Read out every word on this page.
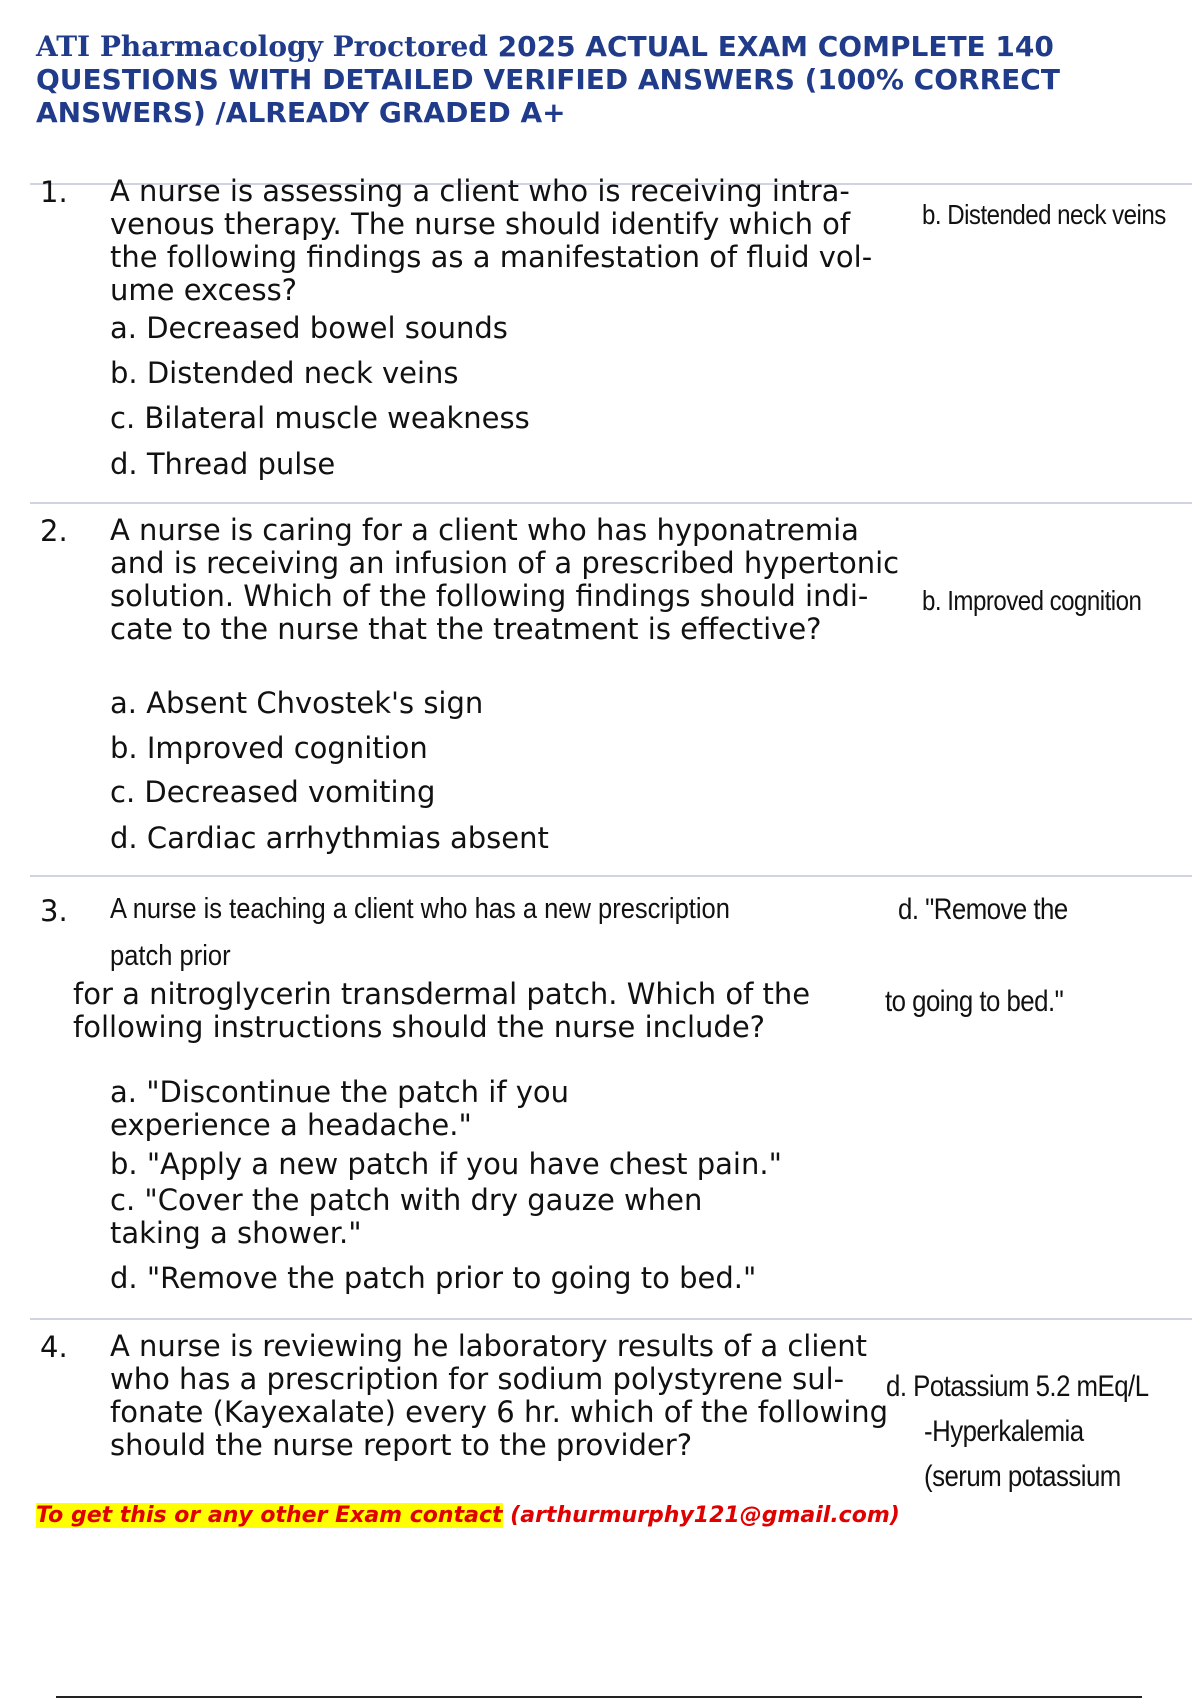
ATI Pharmacology Proctored 2025 ACTUAL EXAM COMPLETE 140 QUESTIONS WITH DETAILED VERIFIED ANSWERS (100% CORRECT ANSWERS) /ALREADY GRADED A+
1. A nurse is assessing a client who is receiving intra- venous therapy. The nurse should identify which of the following findings as a manifestation of fluid vol- ume excess?

a. Decreased bowel sounds

b. Distended neck veins

c. Bilateral muscle weakness

d. Thread pulse

b. Distended neck veins
2. A nurse is caring for a client who has hyponatremia and is receiving an infusion of a prescribed hypertonic solution. Which of the following findings should indi- cate to the nurse that the treatment is effective?

a. Absent Chvostek's sign

b. Improved cognition

c. Decreased vomiting

d. Cardiac arrhythmias absent

b. Improved cognition
3. A nurse is teaching a client who has a new prescription
patch prior

for a nitroglycerin transdermal patch. Which of the following instructions should the nurse include?

a. "Discontinue the patch if you experience a headache."

b. "Apply a new patch if you have chest pain."

c. "Cover the patch with dry gauze when taking a shower."

d. "Remove the patch prior to going to bed."

d. "Remove the
to going to bed."
4. A nurse is reviewing he laboratory results of a client who has a prescription for sodium polystyrene sul- fonate (Kayexalate) every 6 hr. which of the following should the nurse report to the provider?

d. Potassium 5.2 mEq/L
-Hyperkalemia
(serum potassium
To get this or any other Exam contact (arthurmurphy121@gmail.com)
